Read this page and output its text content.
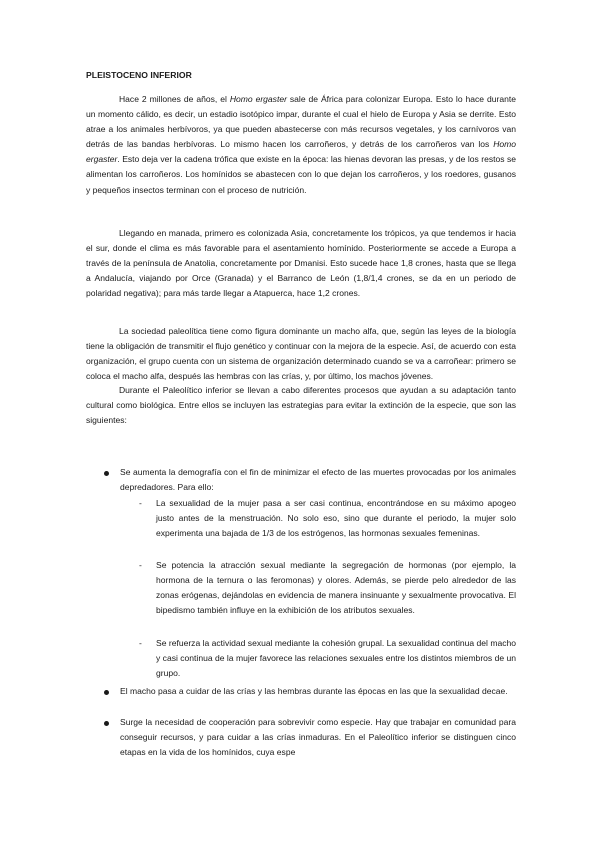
PLEISTOCENO INFERIOR

Hace 2 millones de años, el Homo ergaster sale de África para colonizar Europa. Esto lo hace durante un momento cálido, es decir, un estadio isotópico impar, durante el cual el hielo de Europa y Asia se derrite. Esto atrae a los animales herbívoros, ya que pueden abastecerse con más recursos vegetales, y los carnívoros van detrás de las bandas herbívoras. Lo mismo hacen los carroñeros, y detrás de los carroñeros van los Homo ergaster. Esto deja ver la cadena trófica que existe en la época: las hienas devoran las presas, y de los restos se alimentan los carroñeros. Los homínidos se abastecen con lo que dejan los carroñeros, y los roedores, gusanos y pequeños insectos terminan con el proceso de nutrición.

Llegando en manada, primero es colonizada Asia, concretamente los trópicos, ya que tendemos ir hacia el sur, donde el clima es más favorable para el asentamiento homínido. Posteriormente se accede a Europa a través de la península de Anatolia, concretamente por Dmanisi. Esto sucede hace 1,8 crones, hasta que se llega a Andalucía, viajando por Orce (Granada) y el Barranco de León (1,8/1,4 crones, se da en un periodo de polaridad negativa); para más tarde llegar a Atapuerca, hace 1,2 crones.

La sociedad paleolítica tiene como figura dominante un macho alfa, que, según las leyes de la biología tiene la obligación de transmitir el flujo genético y continuar con la mejora de la especie. Así, de acuerdo con esta organización, el grupo cuenta con un sistema de organización determinado cuando se va a carroñear: primero se coloca el macho alfa, después las hembras con las crías, y, por último, los machos jóvenes.

Durante el Paleolítico inferior se llevan a cabo diferentes procesos que ayudan a su adaptación tanto cultural como biológica. Entre ellos se incluyen las estrategias para evitar la extinción de la especie, que son las siguientes:

Se aumenta la demografía con el fin de minimizar el efecto de las muertes provocadas por los animales depredadores. Para ello:
- La sexualidad de la mujer pasa a ser casi continua, encontrándose en su máximo apogeo justo antes de la menstruación. No solo eso, sino que durante el periodo, la mujer solo experimenta una bajada de 1/3 de los estrógenos, las hormonas sexuales femeninas.
- Se potencia la atracción sexual mediante la segregación de hormonas (por ejemplo, la hormona de la ternura o las feromonas) y olores. Además, se pierde pelo alrededor de las zonas erógenas, dejándolas en evidencia de manera insinuante y sexualmente provocativa. El bipedismo también influye en la exhibición de los atributos sexuales.
- Se refuerza la actividad sexual mediante la cohesión grupal. La sexualidad continua del macho y casi continua de la mujer favorece las relaciones sexuales entre los distintos miembros de un grupo.
El macho pasa a cuidar de las crías y las hembras durante las épocas en las que la sexualidad decae.
Surge la necesidad de cooperación para sobrevivir como especie. Hay que trabajar en comunidad para conseguir recursos, y para cuidar a las crías inmaduras. En el Paleolítico inferior se distinguen cinco etapas en la vida de los homínidos, cuya espe
